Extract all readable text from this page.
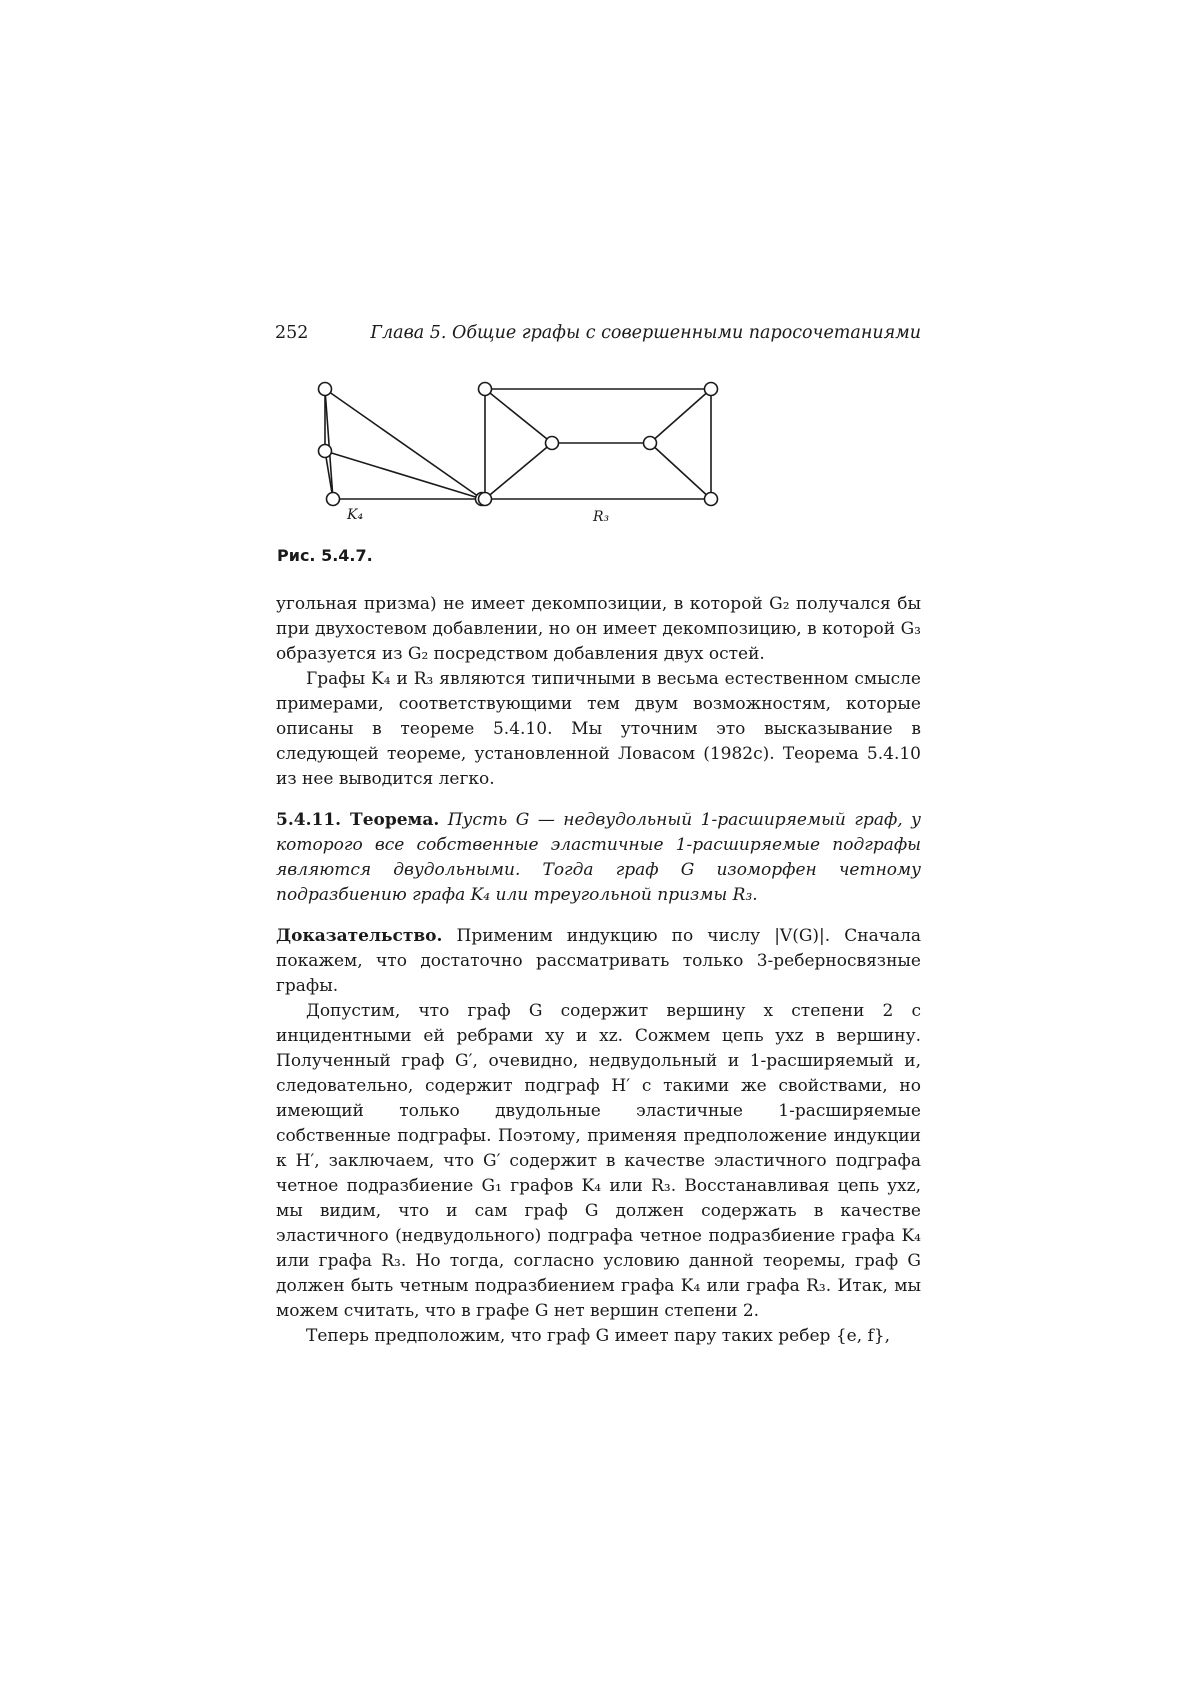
252	Глава 5. Общие графы с совершенными паросочетаниями
K₄	R₃
Рис. 5.4.7.

угольная призма) не имеет декомпозиции, в которой G₂ получался бы при двухостевом добавлении, но он имеет декомпозицию, в которой G₃ образуется из G₂ посредством добавления двух остей.

Графы K₄ и R₃ являются типичными в весьма естественном смысле примерами, соответствующими тем двум возможностям, которые описаны в теореме 5.4.10. Мы уточним это высказывание в следующей теореме, установленной Ловасом (1982c). Теорема 5.4.10 из нее выводится легко.

5.4.11. Теорема. Пусть G — недвудольный 1-расширяемый граф, у которого все собственные эластичные 1-расширяемые подграфы являются двудольными. Тогда граф G изоморфен четному подразбиению графа K₄ или треугольной призмы R₃.

Доказательство. Применим индукцию по числу |V(G)|. Сначала покажем, что достаточно рассматривать только 3-реберносвязные графы.

Допустим, что граф G содержит вершину x степени 2 с инцидентными ей ребрами xy и xz. Сожмем цепь yxz в вершину. Полученный граф G′, очевидно, недвудольный и 1-расширяемый и, следовательно, содержит подграф H′ с такими же свойствами, но имеющий только двудольные эластичные 1-расширяемые собственные подграфы. Поэтому, применяя предположение индукции к H′, заключаем, что G′ содержит в качестве эластичного подграфа четное подразбиение G₁ графов K₄ или R₃. Восстанавливая цепь yxz, мы видим, что и сам граф G должен содержать в качестве эластичного (недвудольного) подграфа четное подразбиение графа K₄ или графа R₃. Но тогда, согласно условию данной теоремы, граф G должен быть четным подразбиением графа K₄ или графа R₃. Итак, мы можем считать, что в графе G нет вершин степени 2.

Теперь предположим, что граф G имеет пару таких ребер {e, f},
